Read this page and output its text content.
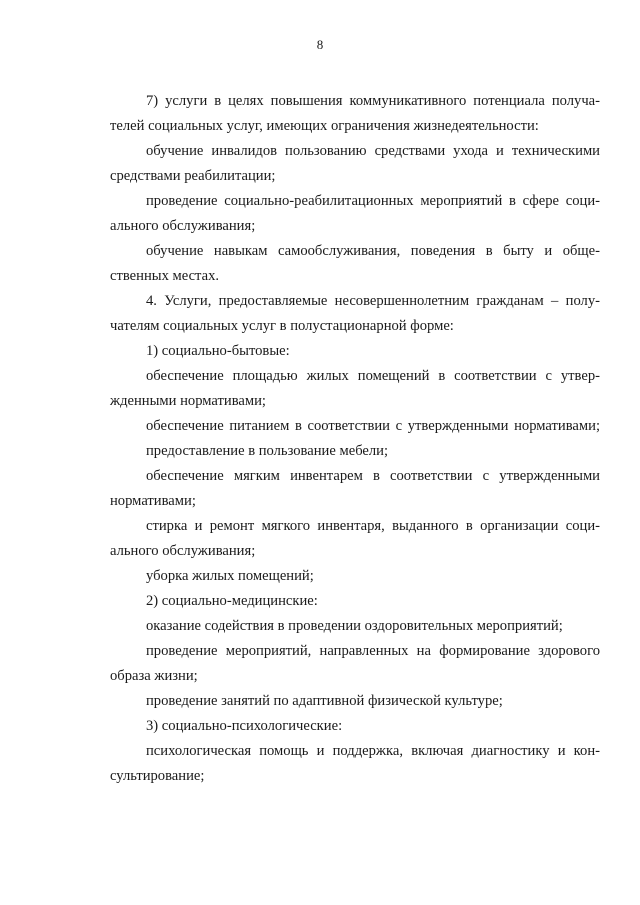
8
7) услуги в целях повышения коммуникативного потенциала получа-
телей социальных услуг, имеющих ограничения жизнедеятельности:
обучение инвалидов пользованию средствами ухода и техническими
средствами реабилитации;
проведение социально-реабилитационных мероприятий в сфере соци-
ального обслуживания;
обучение навыкам самообслуживания, поведения в быту и обще-
ственных местах.
4. Услуги, предоставляемые несовершеннолетним гражданам – полу-
чателям социальных услуг в полустационарной форме:
1) социально-бытовые:
обеспечение площадью жилых помещений в соответствии с утвер-
жденными нормативами;
обеспечение питанием в соответствии с утвержденными нормативами;
предоставление в пользование мебели;
обеспечение мягким инвентарем в соответствии с утвержденными
нормативами;
стирка и ремонт мягкого инвентаря, выданного в организации соци-
ального обслуживания;
уборка жилых помещений;
2) социально-медицинские:
оказание содействия в проведении оздоровительных мероприятий;
проведение мероприятий, направленных на формирование здорового
образа жизни;
проведение занятий по адаптивной физической культуре;
3) социально-психологические:
психологическая помощь и поддержка, включая диагностику и кон-
сультирование;
